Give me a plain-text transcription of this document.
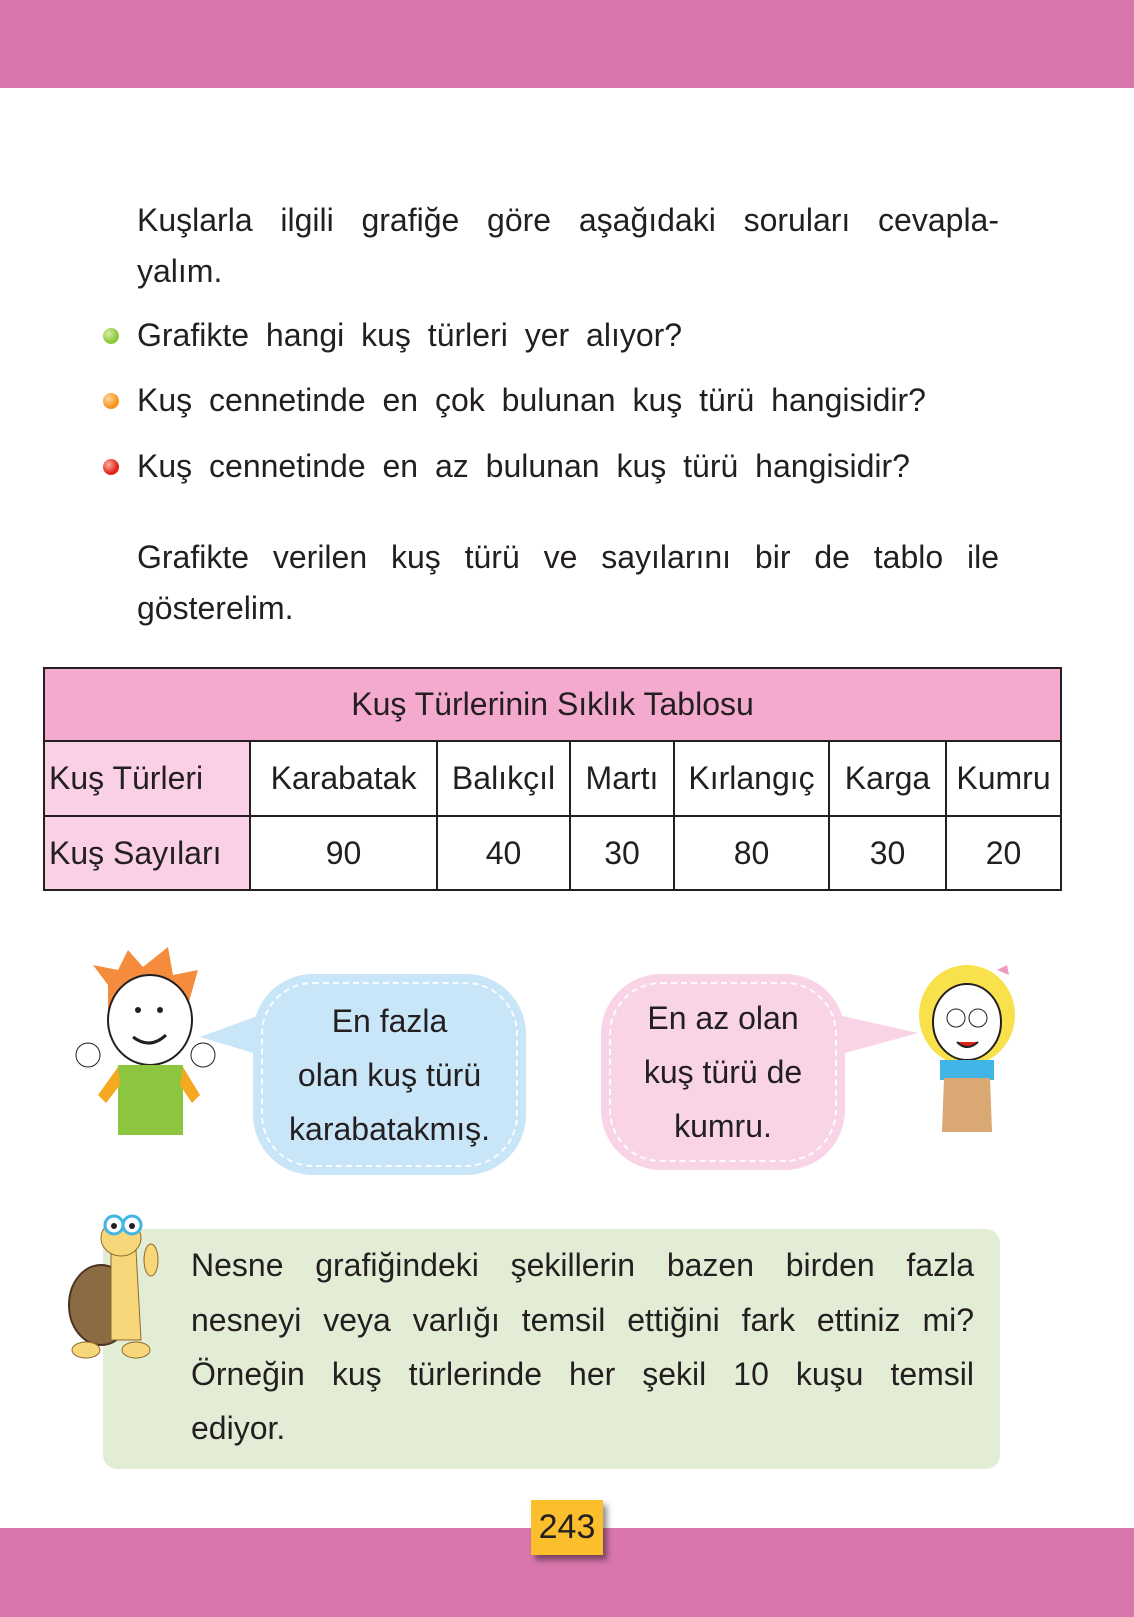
Kuşlarla ilgili grafiğe göre aşağıdaki soruları cevapla-
yalım.
Grafikte hangi kuş türleri yer alıyor?
Kuş cennetinde en çok bulunan kuş türü hangisidir?
Kuş cennetinde en az bulunan kuş türü hangisidir?
Grafikte verilen kuş türü ve sayılarını bir de tablo ile
gösterelim.
Kuş Türlerinin Sıklık Tablosu						
Kuş Türleri	Karabatak	Balıkçıl	Martı	Kırlangıç	Karga	Kumru
Kuş Sayıları	90	40	30	80	30	20
En fazla
olan kuş türü
karabatakmış.
En az olan
kuş türü de
kumru.
Nesne grafiğindeki şekillerin bazen birden fazla
nesneyi veya varlığı temsil ettiğini fark ettiniz mi?
Örneğin kuş türlerinde her şekil 10 kuşu temsil
ediyor.
243
